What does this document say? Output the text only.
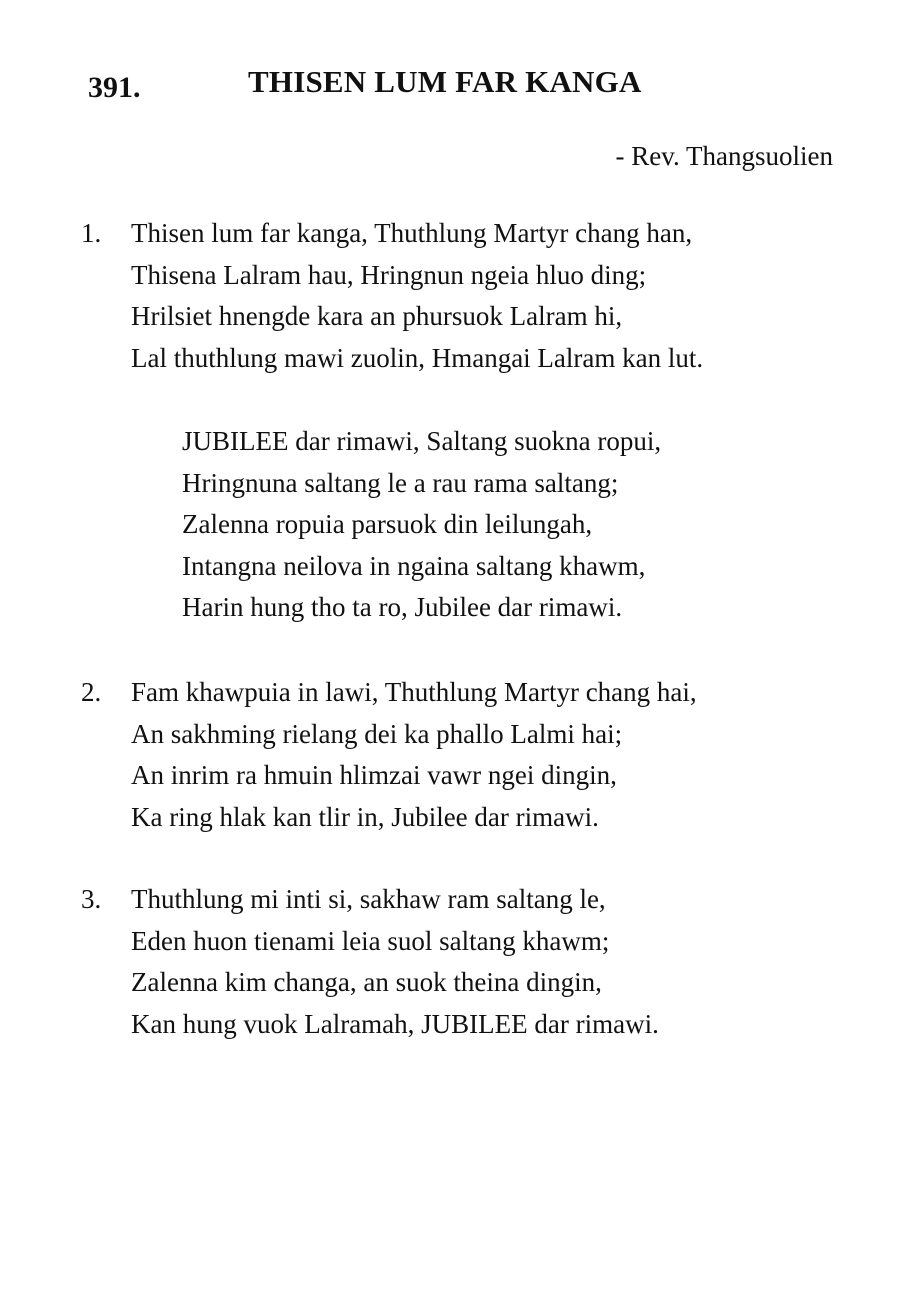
391.	THISEN LUM FAR KANGA
- Rev. Thangsuolien
1. Thisen lum far kanga, Thuthlung Martyr chang han,
Thisena Lalram hau, Hringnun ngeia hluo ding;
Hrilsiet hnengde kara an phursuok Lalram hi,
Lal thuthlung mawi zuolin, Hmangai Lalram kan lut.
JUBILEE dar rimawi, Saltang suokna ropui,
Hringnuna saltang le a rau rama saltang;
Zalenna ropuia parsuok din leilungah,
Intangna neilova in ngaina saltang khawm,
Harin hung tho ta ro, Jubilee dar rimawi.
2. Fam khawpuia in lawi, Thuthlung Martyr chang hai,
An sakhming rielang dei ka phallo Lalmi hai;
An inrim ra hmuin hlimzai vawr ngei dingin,
Ka ring hlak kan tlir in, Jubilee dar rimawi.
3. Thuthlung mi inti si, sakhaw ram saltang le,
Eden huon tienami leia suol saltang khawm;
Zalenna kim changa, an suok theina dingin,
Kan hung vuok Lalramah, JUBILEE dar rimawi.
